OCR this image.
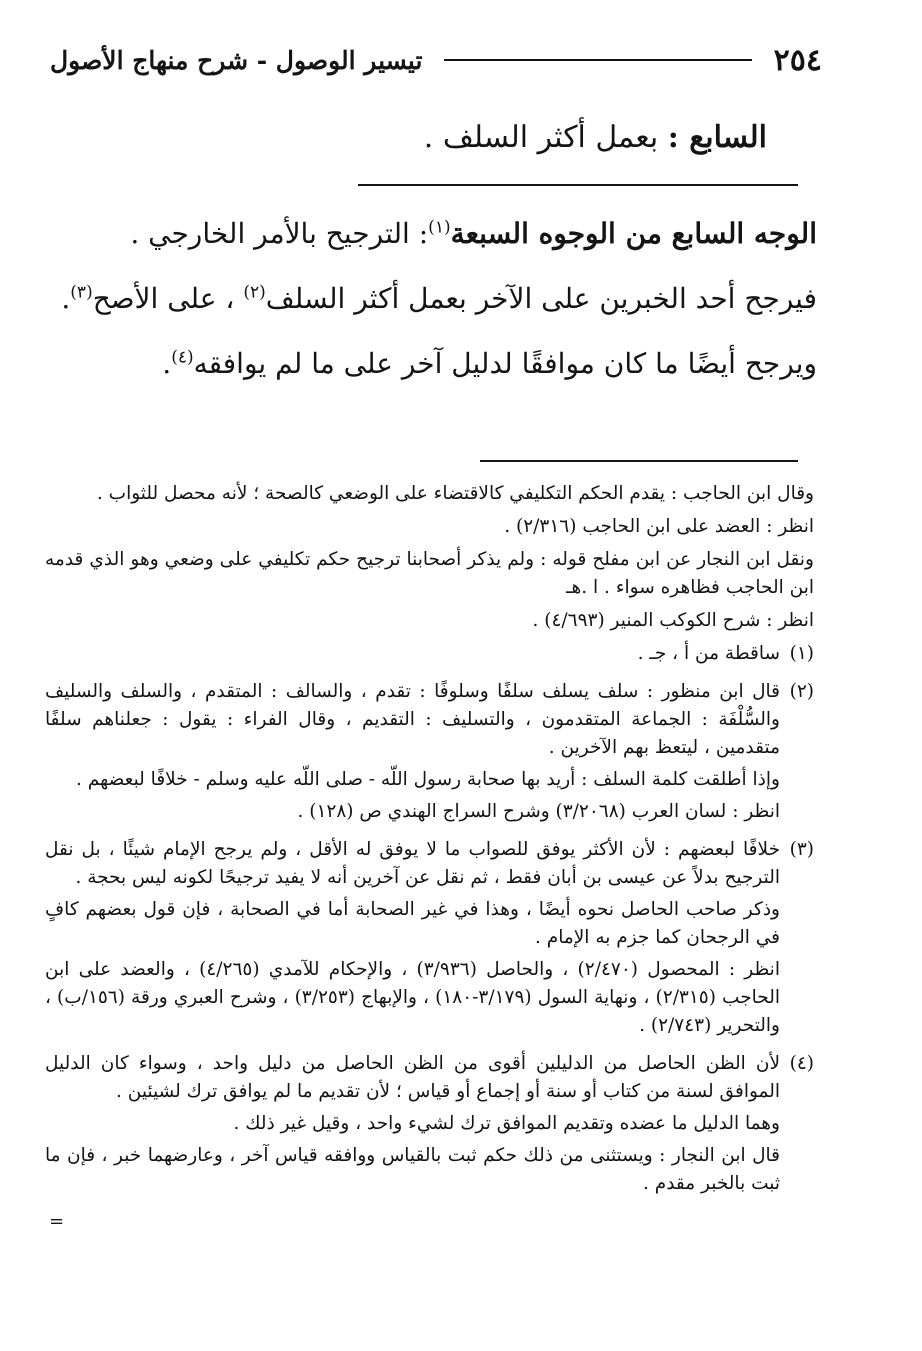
٢٥٤
تيسير الوصول - شرح منهاج الأصول
السابع : بعمل أكثر السلف .

الوجه السابع من الوجوه السبعة$^{(١)}$: الترجيح بالأمر الخارجي .

فيرجح أحد الخبرين على الآخر بعمل أكثر السلف$^{(٢)}$ ، على الأصح$^{(٣)}$.

ويرجح أيضًا ما كان موافقًا لدليل آخر على ما لم يوافقه$^{(٤)}$.

وقال ابن الحاجب : يقدم الحكم التكليفي كالاقتضاء على الوضعي كالصحة ؛ لأنه محصل للثواب .

انظر : العضد على ابن الحاجب (٢/٣١٦) .

ونقل ابن النجار عن ابن مفلح قوله : ولم يذكر أصحابنا ترجيح حكم تكليفي على وضعي وهو الذي قدمه ابن الحاجب فظاهره سواء . ا .هـ

انظر : شرح الكوكب المنير (٤/٦٩٣) .

(١)

ساقطة من أ ، جـ .

(٢)

قال ابن منظور : سلف يسلف سلفًا وسلوفًا : تقدم ، والسالف : المتقدم ، والسلف والسليف والسُّلْفَة : الجماعة المتقدمون ، والتسليف : التقديم ، وقال الفراء : يقول : جعلناهم سلفًا متقدمين ، ليتعظ بهم الآخرين .

وإذا أطلقت كلمة السلف : أريد بها صحابة رسول اللّه - صلى اللّه عليه وسلم - خلافًا لبعضهم .

انظر : لسان العرب (٣/٢٠٦٨) وشرح السراج الهندي ص (١٢٨) .

(٣)

خلافًا لبعضهم : لأن الأكثر يوفق للصواب ما لا يوفق له الأقل ، ولم يرجح الإمام شيئًا ، بل نقل الترجيح بدلاً عن عيسى بن أبان فقط ، ثم نقل عن آخرين أنه لا يفيد ترجيحًا لكونه ليس بحجة .

وذكر صاحب الحاصل نحوه أيضًا ، وهذا في غير الصحابة أما في الصحابة ، فإن قول بعضهم كافٍ في الرجحان كما جزم به الإمام .

انظر : المحصول (٢/٤٧٠) ، والحاصل (٣/٩٣٦) ، والإحكام للآمدي (٤/٢٦٥) ، والعضد على ابن الحاجب (٢/٣١٥) ، ونهاية السول (٣/١٧٩-١٨٠) ، والإبهاج (٣/٢٥٣) ، وشرح العبري ورقة (١٥٦/ب) ، والتحرير (٢/٧٤٣) .

(٤)

لأن الظن الحاصل من الدليلين أقوى من الظن الحاصل من دليل واحد ، وسواء كان الدليل الموافق لسنة من كتاب أو سنة أو إجماع أو قياس ؛ لأن تقديم ما لم يوافق ترك لشيئين .

وهما الدليل ما عضده وتقديم الموافق ترك لشيء واحد ، وقيل غير ذلك .

قال ابن النجار : ويستثنى من ذلك حكم ثبت بالقياس ووافقه قياس آخر ، وعارضهما خبر ، فإن ما ثبت بالخبر مقدم .

=
